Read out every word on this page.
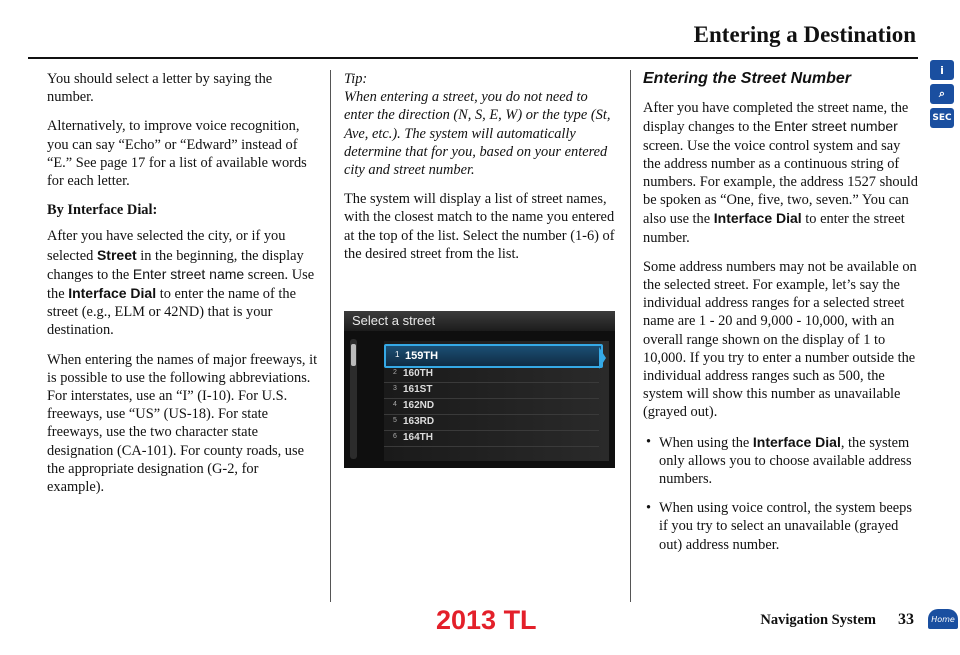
Entering a Destination
i
⌕
SEC

You should select a letter by saying the number.

Alternatively, to improve voice recognition, you can say “Echo” or “Edward” instead of “E.” See page 17 for a list of available words for each letter.

By Interface Dial:

After you have selected the city, or if you selected Street in the beginning, the display changes to the Enter street name screen. Use the Interface Dial to enter the name of the street (e.g., ELM or 42ND) that is your destination.

When entering the names of major freeways, it is possible to use the following abbreviations. For interstates, use an “I” (I-10). For U.S. freeways, use “US” (US-18). For state freeways, use the two character state designation (CA-101). For county roads, use the appropriate designation (G-2, for example).

Tip:

When entering a street, you do not need to enter the direction (N, S, E, W) or the type (St, Ave, etc.). The system will automatically determine that for you, based on your entered city and street number.

The system will display a list of street names, with the closest match to the name you entered at the top of the list. Select the number (1-6) of the desired street from the list.

Select a street
1 159TH
2 160TH
3 161ST
4 162ND
5 163RD
6 164TH

Entering the Street Number

After you have completed the street name, the display changes to the Enter street number screen. Use the voice control system and say the address number as a continuous string of numbers. For example, the address 1527 should be spoken as “One, five, two, seven.” You can also use the Interface Dial to enter the street number.

Some address numbers may not be available on the selected street. For example, let’s say the individual address ranges for a selected street name are 1 - 20 and 9,000 - 10,000, with an overall range shown on the display of 1 to 10,000. If you try to enter a number outside the individual address ranges such as 500, the system will show this number as unavailable (grayed out).

• When using the Interface Dial, the system only allows you to choose available address numbers.

• When using voice control, the system beeps if you try to select an unavailable (grayed out) address number.

Navigation System 33	Home
2013 TL
